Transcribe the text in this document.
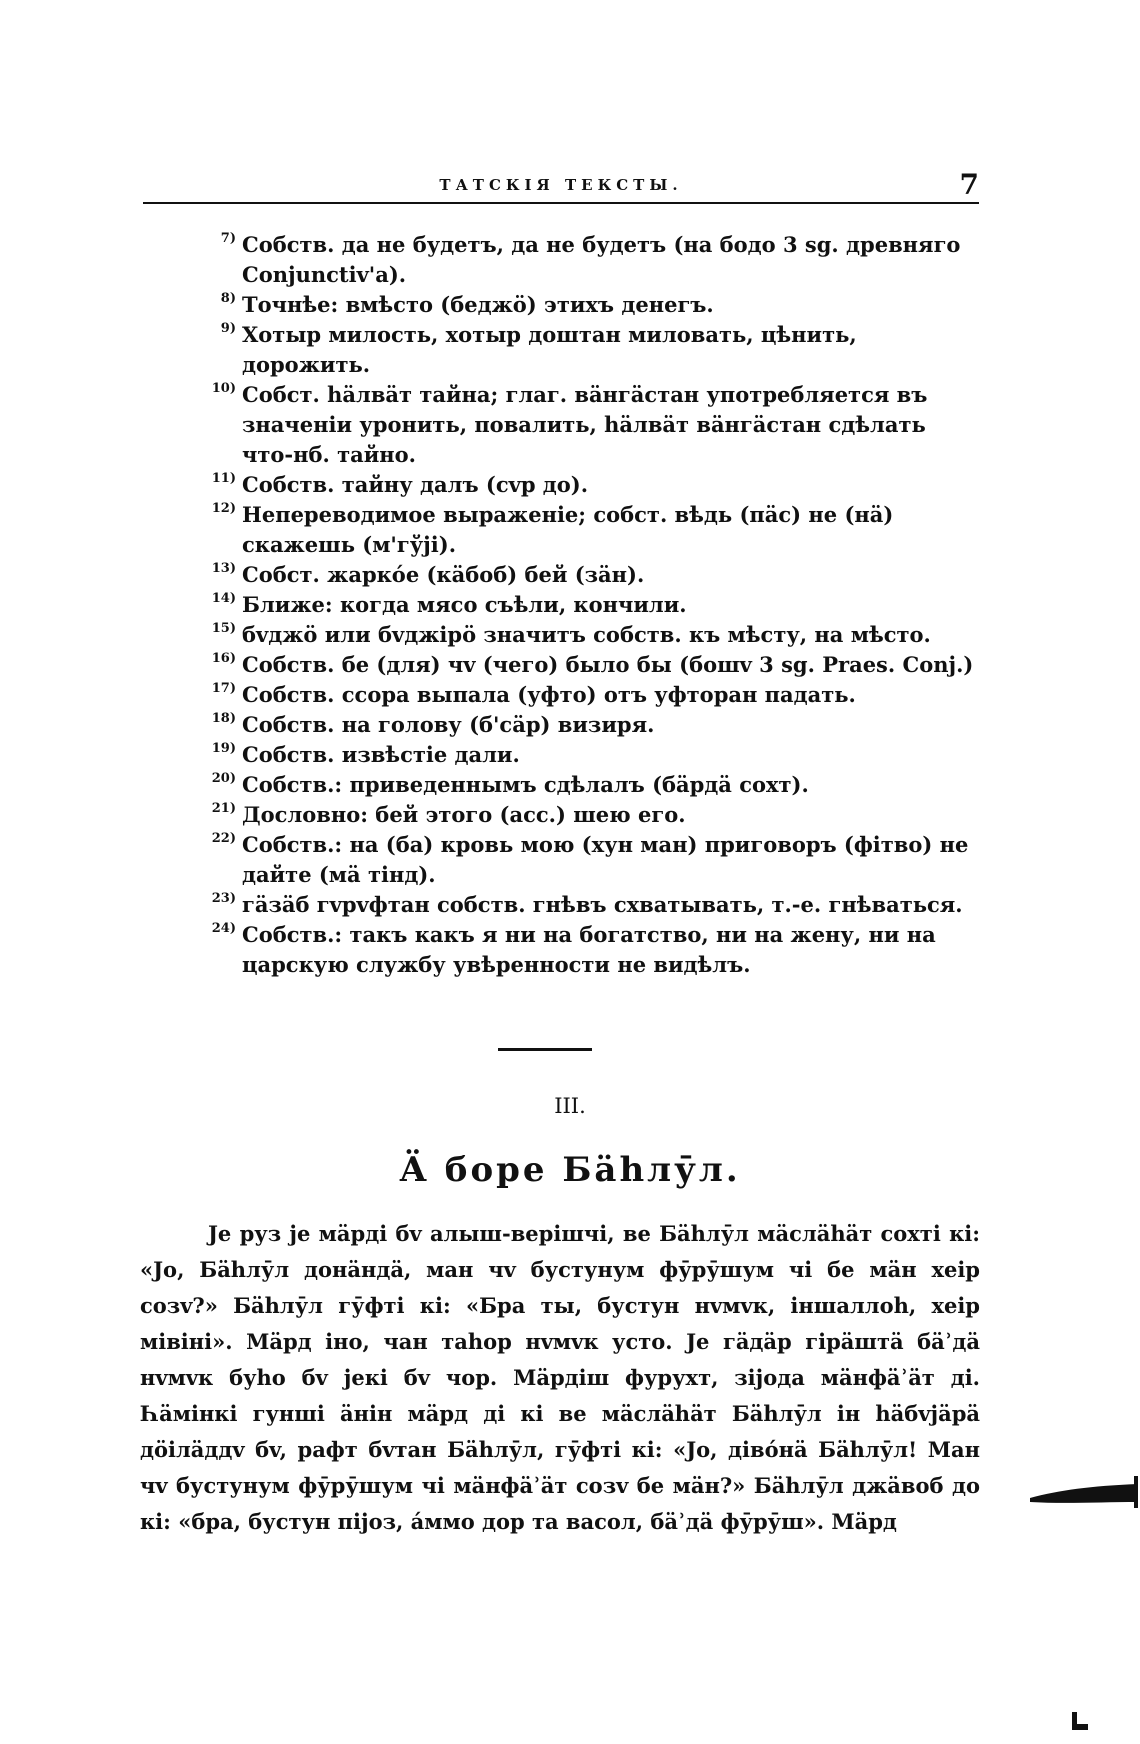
ТАТСКІЯ ТЕКСТЫ.	7
7) Собств. да не будетъ, да не будетъ (на бодо 3 sg. древняго Conjunctiv'a).
8) Точнѣе: вмѣсто (беджö) этихъ денегъ.
9) Хотыр милость, хотыр доштан миловать, цѣнить, дорожить.
10) Собст. һäлвäт тайна; глаг. вäнгäстан употребляется въ значеніи уронить, повалить, һäлвäт вäнгäстан сдѣлать что-нб. тайно.
11) Собств. тайну далъ (сvр до).
12) Непереводимое выраженіе; собст. вѣдь (пäс) не (нä) скажешь (м'гўjі).
13) Собст. жаркóе (кäбоб) бей (зäн).
14) Ближе: когда мясо съѣли, кончили.
15) бvджö или бvджірö значитъ собств. къ мѣсту, на мѣсто.
16) Собств. бе (для) чv (чего) было бы (бошv 3 sg. Praes. Conj.)
17) Собств. ссора выпала (уфто) отъ уфторан падать.
18) Собств. на голову (б'сäр) визиря.
19) Собств. извѣстіе дали.
20) Собств.: приведеннымъ сдѣлалъ (бäрдä сохт).
21) Дословно: бей этого (асс.) шею его.
22) Собств.: на (ба) кровь мою (хун ман) приговоръ (фітво) не дайте (мä тінд).
23) гäзäб гvрvфтан собств. гнѣвъ схватывать, т.-е. гнѣваться.
24) Собств.: такъ какъ я ни на богатство, ни на жену, ни на царскую службу увѣренности не видѣлъ.
III.
Ӓ боре Бäһлӯл.
Јe руз јe мäрді бv алыш-верішчі, ве Бäһлӯл мäслäһäт сохті кі: «Јo, Бäһлӯл донäндä, ман чv бустунум фӯрӯшум чі бе мäн хеір созv?» Бäһлӯл гӯфті кі: «Бра ты, бустун нvмvк, іншаллоһ, хеір мівіні». Мäрд іно, чан таһор нvмvк усто. Јe гäдäр гірäштä бäʾдä нvмvк буһо бv јекі бv чор. Мäрдіш фурухт, зіјода мäнфäʾäт ді. Һäмінкі гуншi äнін мäрд ді кі ве мäслäһäт Бäһлӯл ін һäбvјäрä дöілäддv бv, рафт бvтан Бäһлӯл, гӯфті кі: «Јo, дівóнä Бäһлӯл! Ман чv бустунум фӯрӯшум чі мäнфäʾäт созv бе мäн?» Бäһлӯл джäвоб до кі: «бра, бустун пijоз, áммо дор та васол, бäʾдä фӯрӯш». Мäрд
